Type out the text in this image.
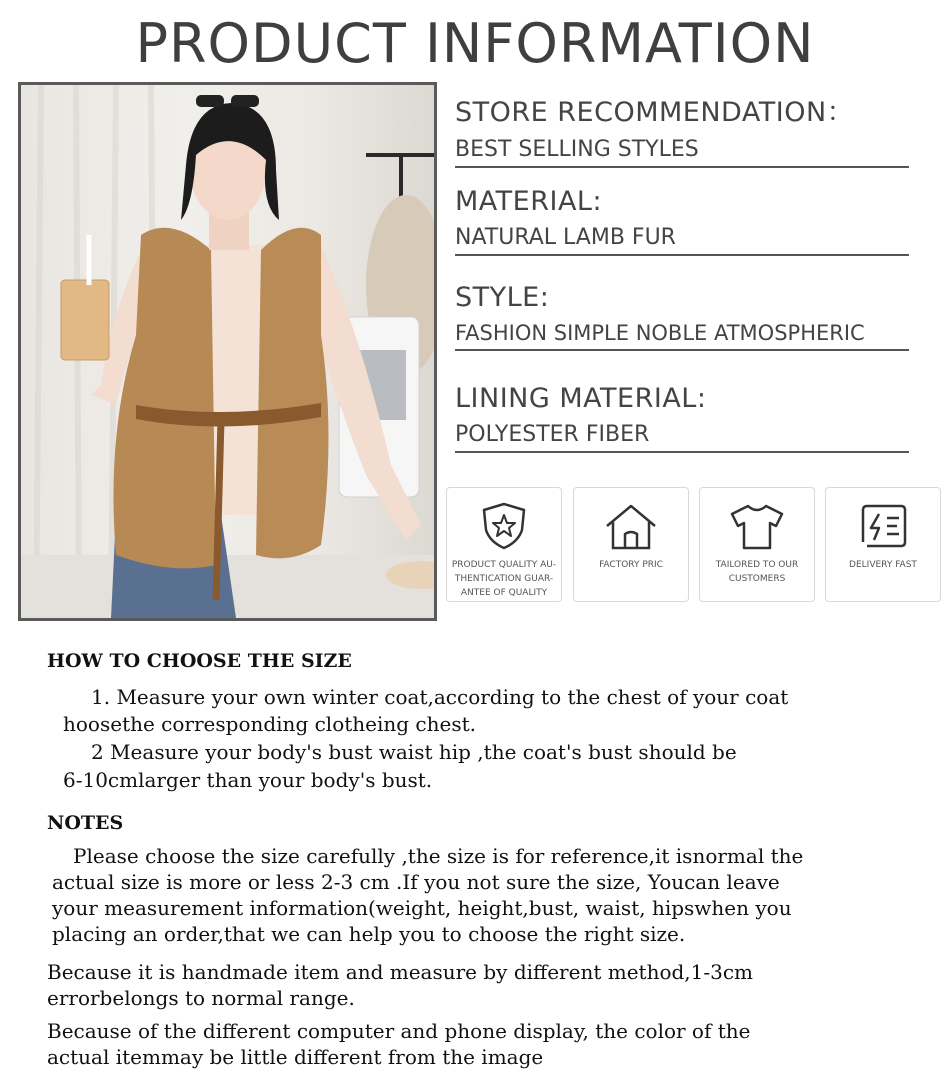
PRODUCT INFORMATION
STORE RECOMMENDATION：
BEST SELLING STYLES
MATERIAL:
NATURAL LAMB FUR
STYLE:
FASHION SIMPLE NOBLE ATMOSPHERIC
LINING MATERIAL:
POLYESTER FIBER
PRODUCT QUALITY AU-
THENTICATION GUAR-
ANTEE OF QUALITY
FACTORY PRIC	TAILORED TO OUR
CUSTOMERS
DELIVERY FAST
HOW TO CHOOSE THE SIZE
1. Measure your own winter coat,according to the chest of your coat
hoosethe corresponding clotheing chest.
2 Measure your body's bust waist hip ,the coat's bust should be
6-10cmlarger than your body's bust.
NOTES
Please choose the size carefully ,the size is for reference,it isnormal the
actual size is more or less 2-3 cm .If you not sure the size, Youcan leave
your measurement information(weight, height,bust, waist, hipswhen you
placing an order,that we can help you to choose the right size.
Because it is handmade item and measure by different method,1-3cm
errorbelongs to normal range.
Because of the different computer and phone display, the color of the
actual itemmay be little different from the image
